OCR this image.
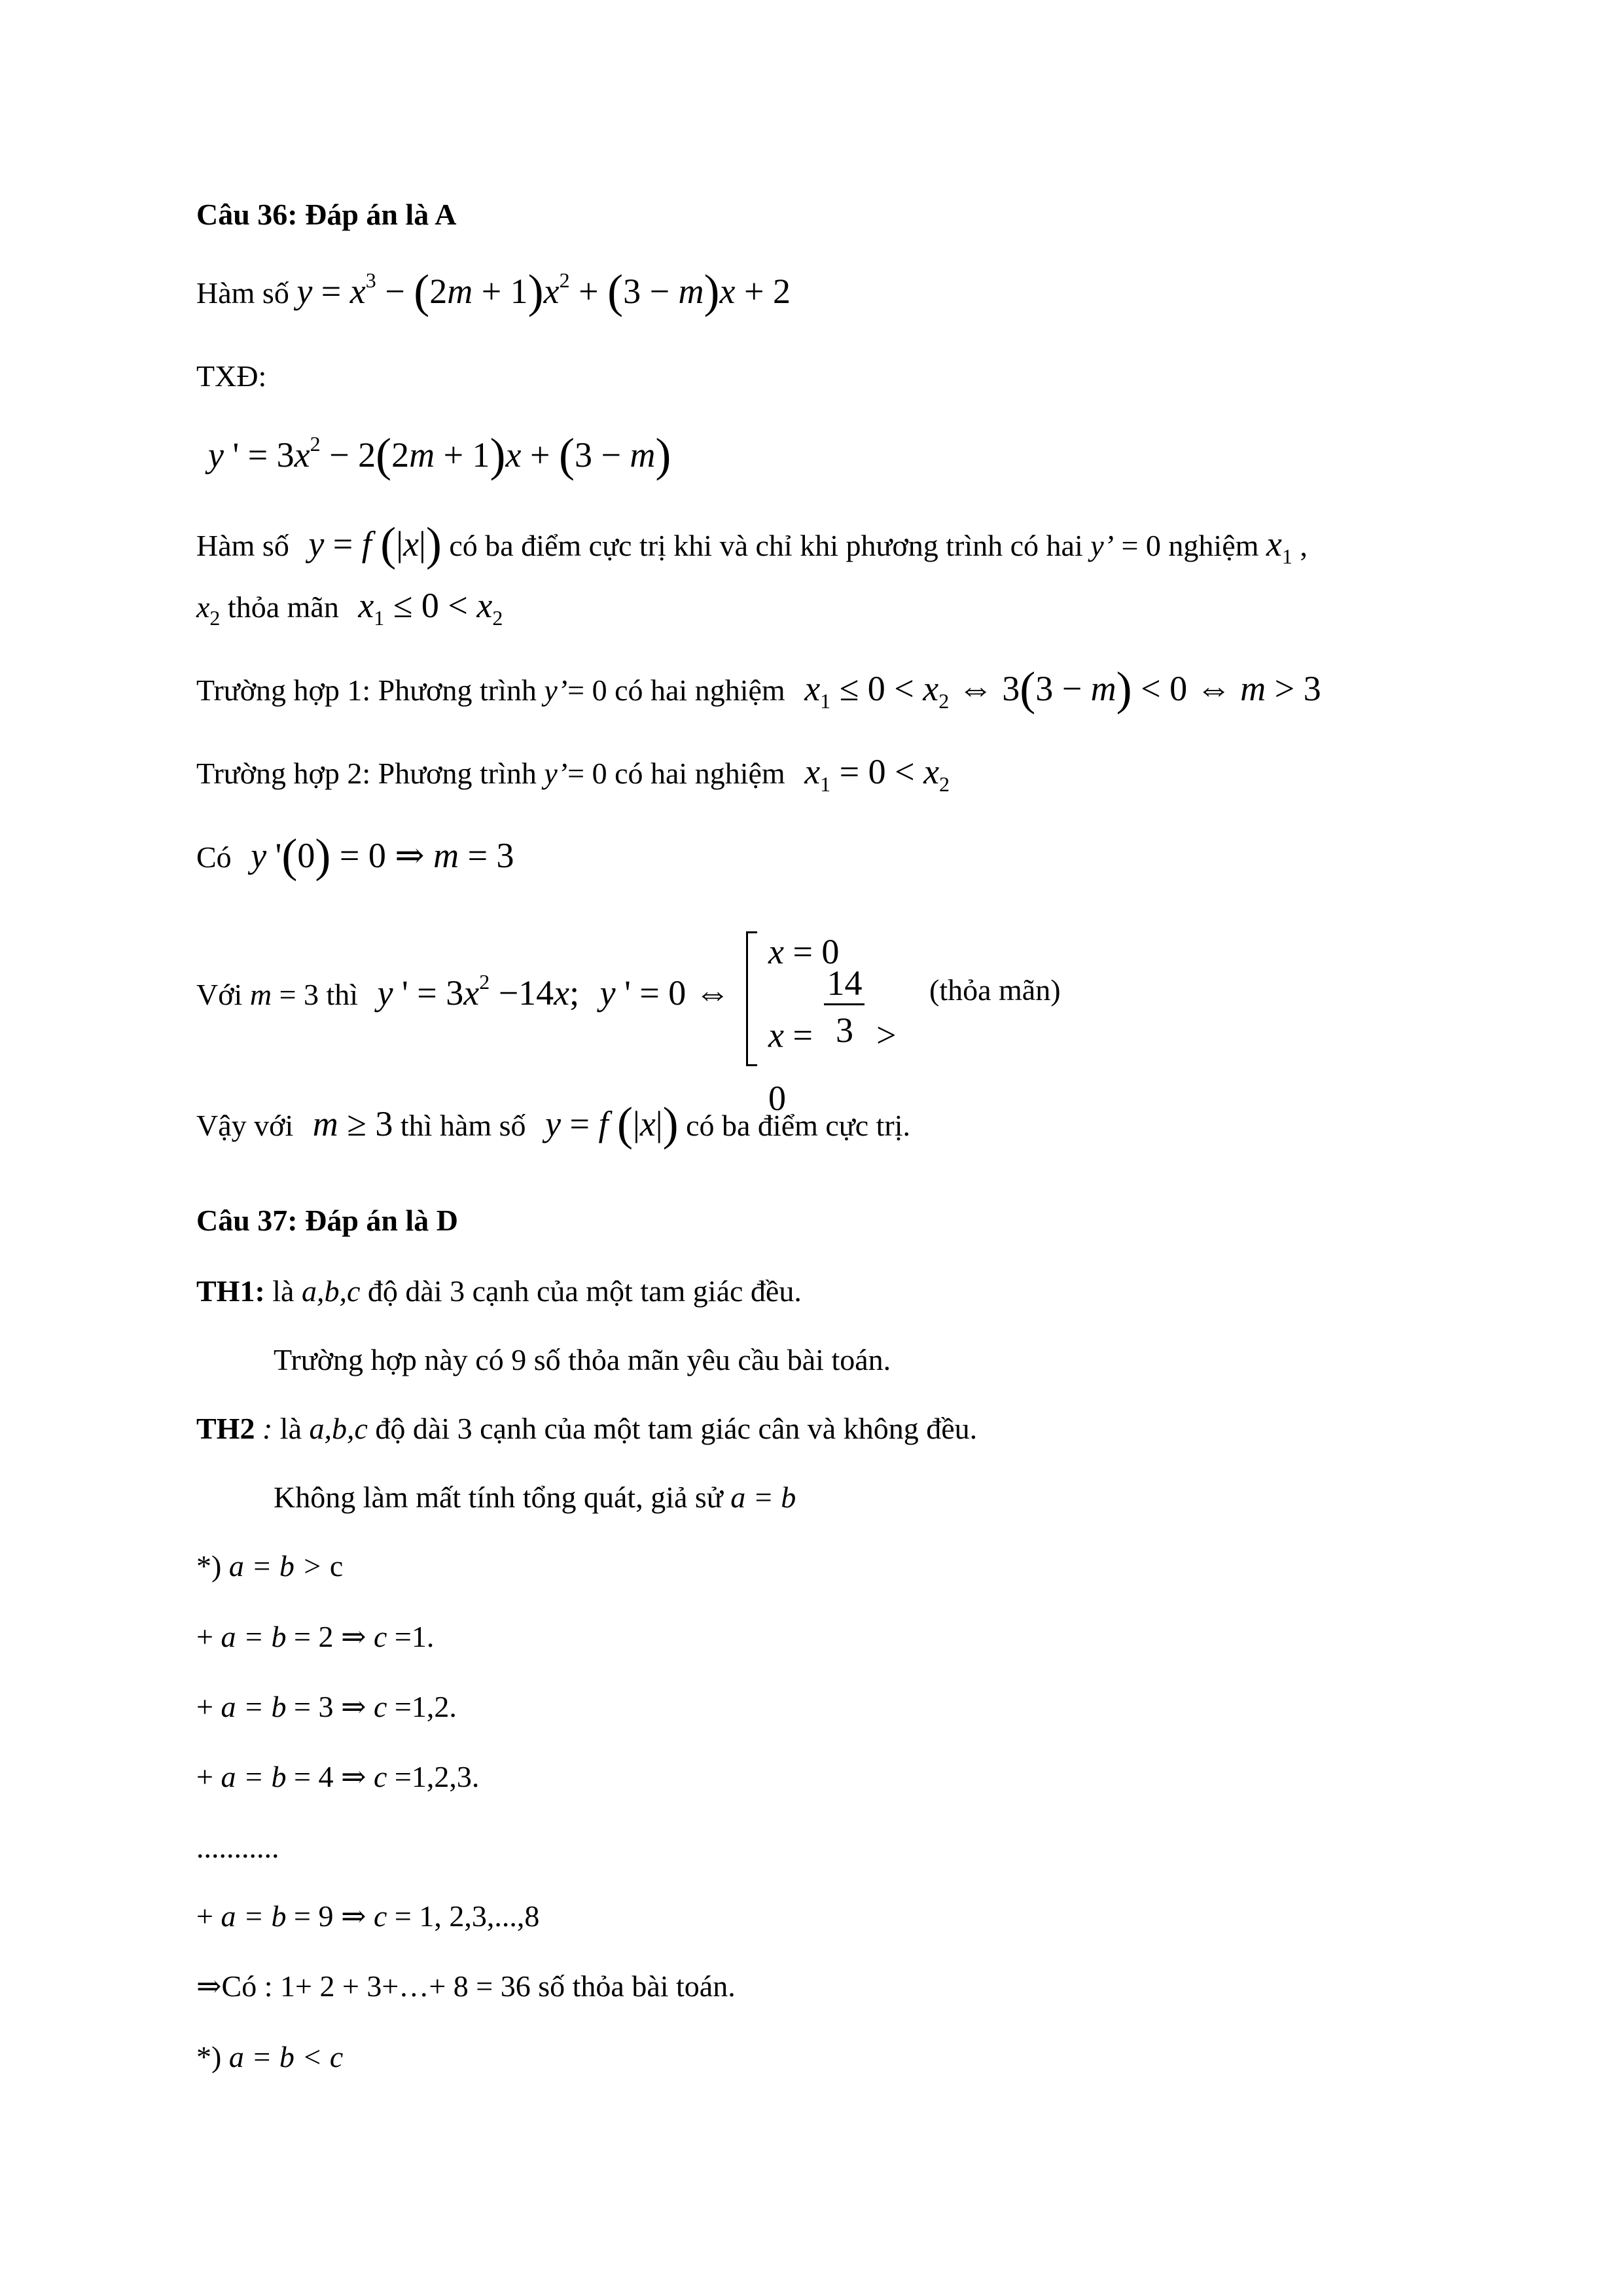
Câu 36: Đáp án là A
Hàm số $y = x^3 - (2m + 1)x^2 + (3 - m)x + 2$
TXĐ:
y ' = $3x^2 - 2(2m + 1)x + (3 - m)$
Hàm số y = f (|x|) có ba điểm cực trị khi và chỉ khi phương trình có hai y’ = 0 nghiệm $x_1$ ,
$x_2$ thỏa mãn $x_1 \le 0 < x_2$
Trường hợp 1: Phương trình y’= 0 có hai nghiệm $x_1 \le 0 < x_2$ ⇔ 3(3 − m) < 0 ⇔ m > 3
Trường hợp 2: Phương trình y’= 0 có hai nghiệm $x_1 = 0 < x_2$
Có y '(0) = 0 ⇒ m = 3
Với m = 3 thì y ' = $3x^2 -14x$; y ' = 0 ⇔
x = 0
$x = \frac{14}{3} > 0$
(thỏa mãn)
Vậy với m ≥ 3 thì hàm số y = f (|x|) có ba điểm cực trị.
Câu 37: Đáp án là D
TH1: là a,b,c độ dài 3 cạnh của một tam giác đều.
Trường hợp này có 9 số thỏa mãn yêu cầu bài toán.
TH2 : là a,b,c độ dài 3 cạnh của một tam giác cân và không đều.
Không làm mất tính tổng quát, giả sử a = b
*) a = b > c
+ a = b = 2 ⇒ c =1.
+ a = b = 3 ⇒ c =1,2.
+ a = b = 4 ⇒ c =1,2,3.
...........
+ a = b = 9 ⇒ c = 1, 2,3,...,8
⇒Có : 1+ 2 + 3+…+ 8 = 36 số thỏa bài toán.
*) a = b < c
